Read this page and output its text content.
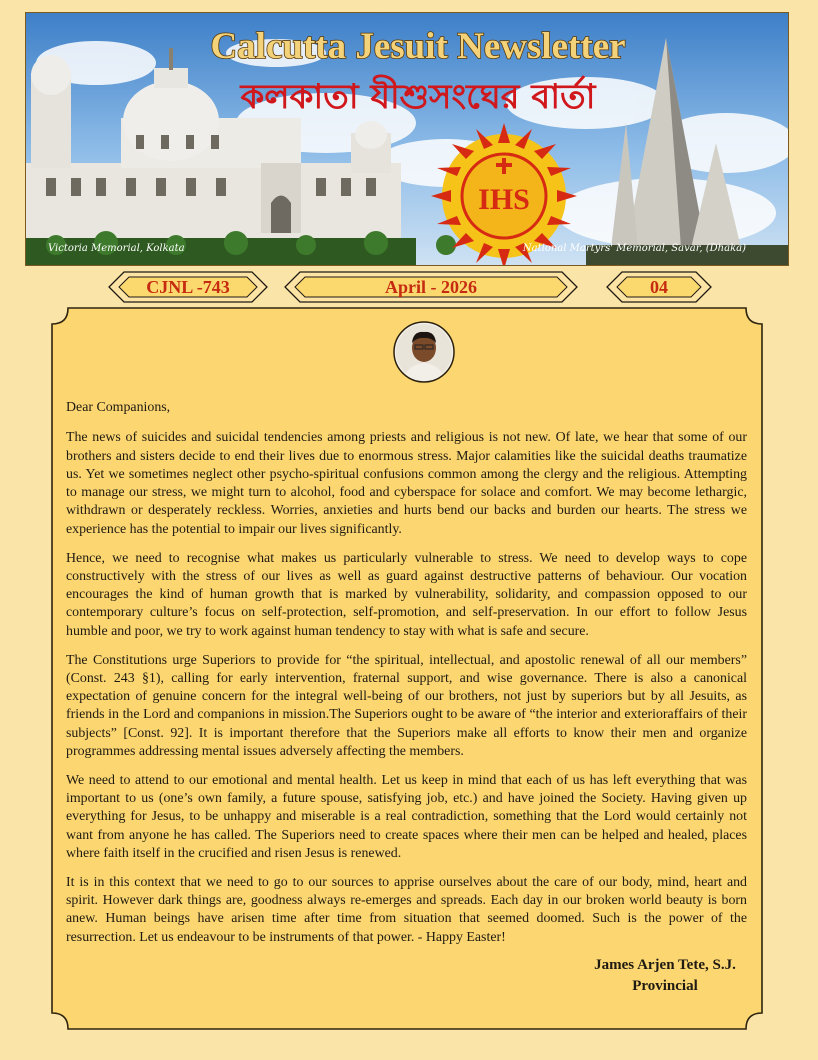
IHS
Calcutta Jesuit Newsletter
কলকাতা যীশুসংঘের বার্তা
Victoria Memorial, Kolkata	National Martyrs' Memorial, Savar, (Dhaka)
CJNL -743	April - 2026	04

Dear Companions,

The news of suicides and suicidal tendencies among priests and religious is not new. Of late, we hear that some of our brothers and sisters decide to end their lives due to enormous stress. Major calamities like the suicidal deaths traumatize us. Yet we sometimes neglect other psycho-spiritual confusions common among the clergy and the religious. Attempting to manage our stress, we might turn to alcohol, food and cyberspace for solace and comfort. We may become lethargic, withdrawn or desperately reckless. Worries, anxieties and hurts bend our backs and burden our hearts. The stress we experience has the potential to impair our lives significantly.

Hence, we need to recognise what makes us particularly vulnerable to stress. We need to develop ways to cope constructively with the stress of our lives as well as guard against destructive patterns of behaviour. Our vocation encourages the kind of human growth that is marked by vulnerability, solidarity, and compassion opposed to our contemporary culture’s focus on self-protection, self-promotion, and self-preservation. In our effort to follow Jesus humble and poor, we try to work against human tendency to stay with what is safe and secure.

The Constitutions urge Superiors to provide for “the spiritual, intellectual, and apostolic renewal of all our members” (Const. 243 §1), calling for early intervention, fraternal support, and wise governance. There is also a canonical expectation of genuine concern for the integral well-being of our brothers, not just by superiors but by all Jesuits, as friends in the Lord and companions in mission.The Superiors ought to be aware of “the interior and exterioraffairs of their subjects” [Const. 92]. It is important therefore that the Superiors make all efforts to know their men and organize programmes addressing mental issues adversely affecting the members.

We need to attend to our emotional and mental health. Let us keep in mind that each of us has left everything that was important to us (one’s own family, a future spouse, satisfying job, etc.) and have joined the Society. Having given up everything for Jesus, to be unhappy and miserable is a real contradiction, something that the Lord would certainly not want from anyone he has called. The Superiors need to create spaces where their men can be helped and healed, places where faith itself in the crucified and risen Jesus is renewed.

It is in this context that we need to go to our sources to apprise ourselves about the care of our body, mind, heart and spirit. However dark things are, goodness always re-emerges and spreads. Each day in our broken world beauty is born anew. Human beings have arisen time after time from situation that seemed doomed. Such is the power of the resurrection. Let us endeavour to be instruments of that power. - Happy Easter!

James Arjen Tete, S.J.
Provincial
